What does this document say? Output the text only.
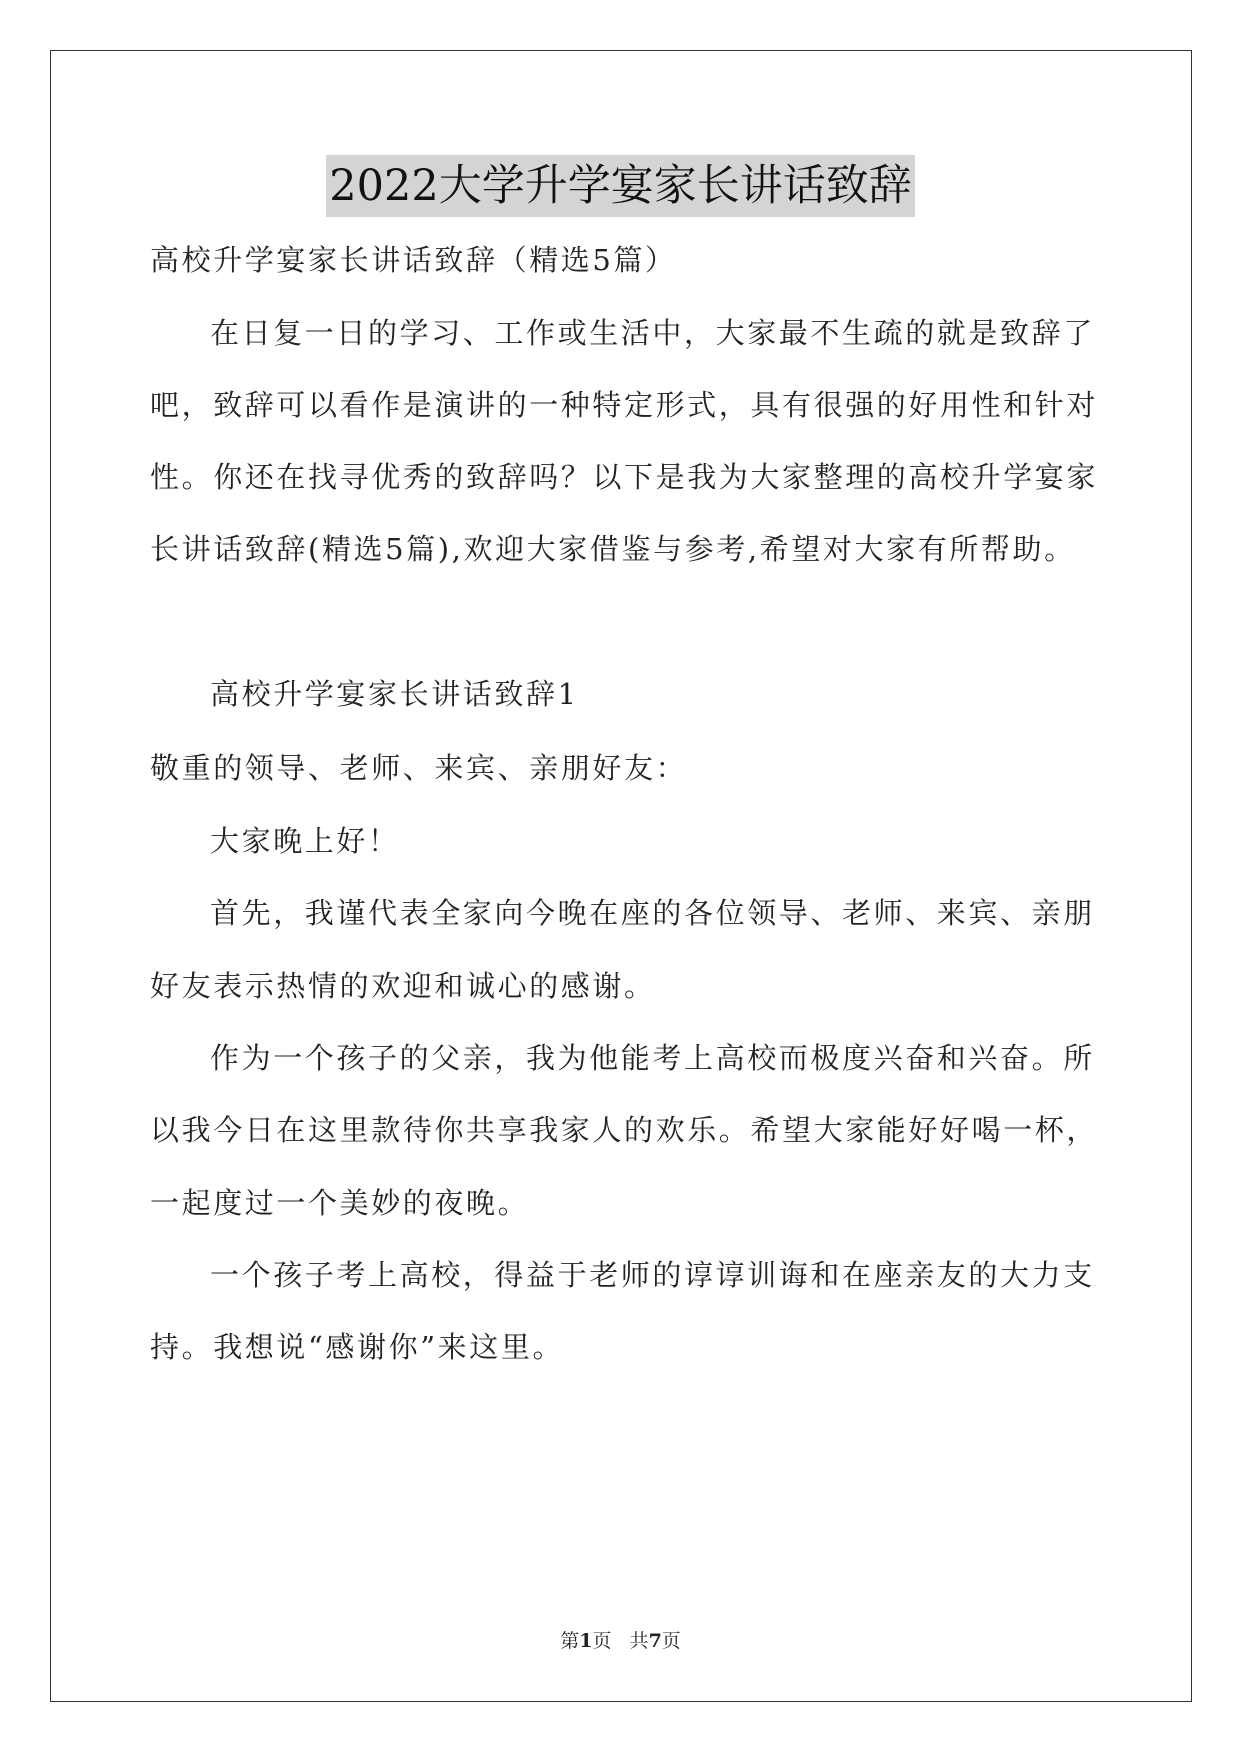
2022大学升学宴家长讲话致辞
高校升学宴家长讲话致辞（精选5篇）
在日复一日的学习、工作或生活中，大家最不生疏的就是致辞了
吧，致辞可以看作是演讲的一种特定形式，具有很强的好用性和针对
性。你还在找寻优秀的致辞吗？以下是我为大家整理的高校升学宴家
长讲话致辞(精选5篇),欢迎大家借鉴与参考,希望对大家有所帮助。
高校升学宴家长讲话致辞1
敬重的领导、老师、来宾、亲朋好友：
大家晚上好！
首先，我谨代表全家向今晚在座的各位领导、老师、来宾、亲朋
好友表示热情的欢迎和诚心的感谢。
作为一个孩子的父亲，我为他能考上高校而极度兴奋和兴奋。所
以我今日在这里款待你共享我家人的欢乐。希望大家能好好喝一杯，
一起度过一个美妙的夜晚。
一个孩子考上高校，得益于老师的谆谆训诲和在座亲友的大力支
持。我想说“感谢你”来这里。
第1页   共7页
